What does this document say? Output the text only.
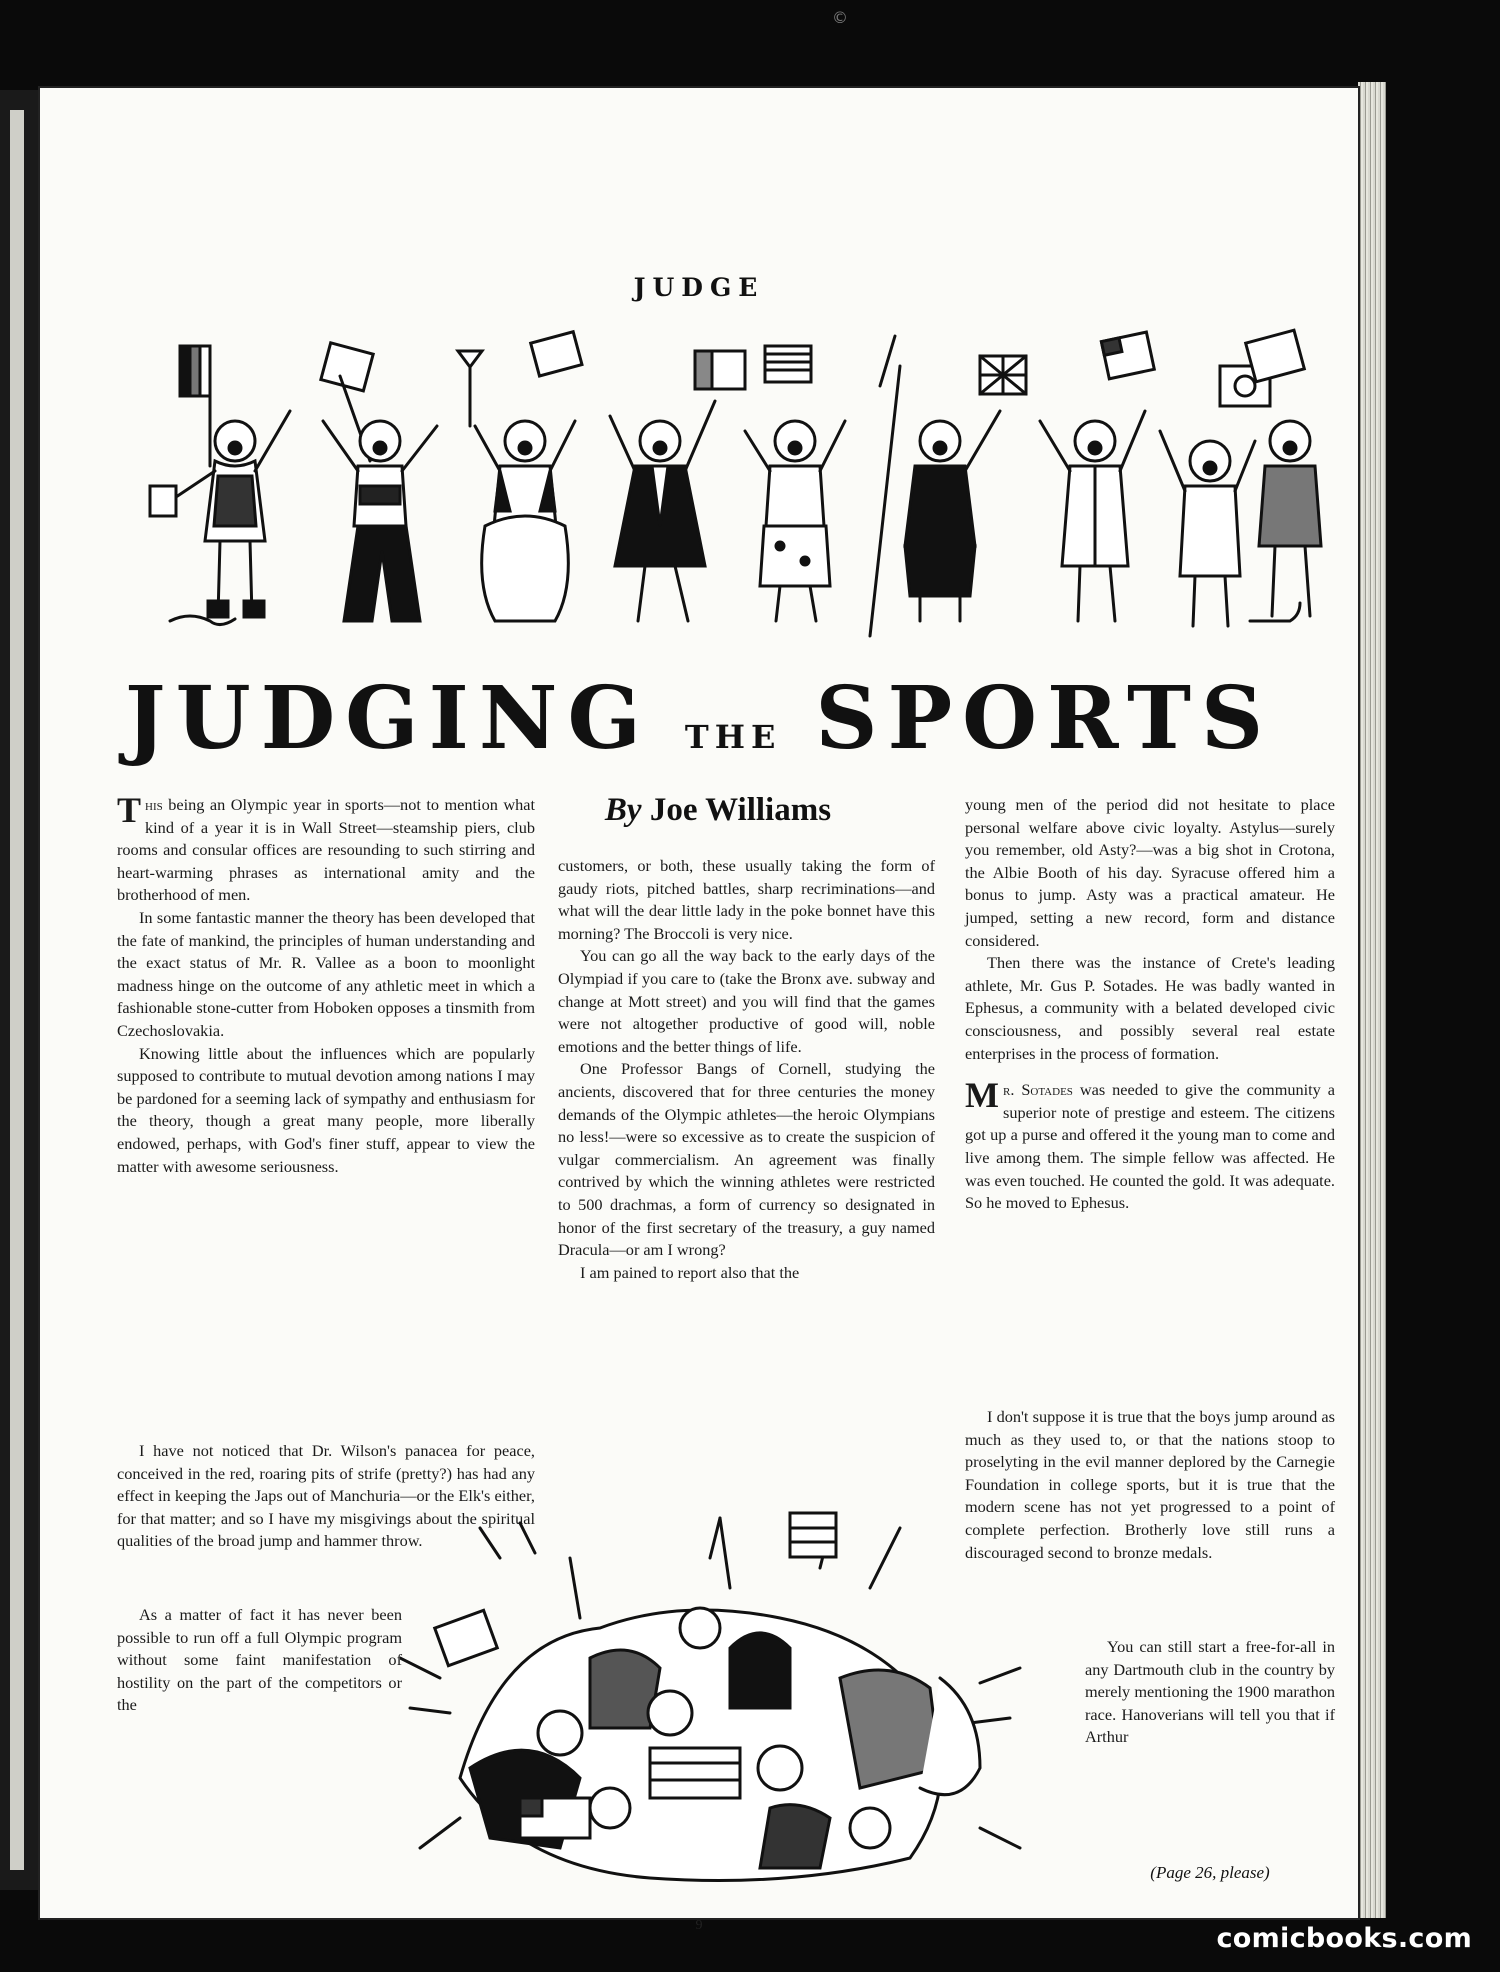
©
JUDGE
JUDGING THE SPORTS
By Joe Williams

This being an Olympic year in sports—not to mention what kind of a year it is in Wall Street—steamship piers, club rooms and consular offices are resounding to such stirring and heart-warming phrases as international amity and the brotherhood of men.

In some fantastic manner the theory has been developed that the fate of mankind, the principles of human understanding and the exact status of Mr. R. Vallee as a boon to moonlight madness hinge on the outcome of any athletic meet in which a fashionable stone-cutter from Hoboken opposes a tinsmith from Czechoslovakia.

Knowing little about the influences which are popularly supposed to contribute to mutual devotion among nations I may be pardoned for a seeming lack of sympathy and enthusiasm for the theory, though a great many people, more liberally endowed, perhaps, with God's finer stuff, appear to view the matter with awesome seriousness.

I have not noticed that Dr. Wilson's panacea for peace, conceived in the red, roaring pits of strife (pretty?) has had any effect in keeping the Japs out of Manchuria—or the Elk's either, for that matter; and so I have my misgivings about the spiritual qualities of the broad jump and hammer throw.

As a matter of fact it has never been possible to run off a full Olympic program without some faint manifestation of hostility on the part of the competitors or the

customers, or both, these usually taking the form of gaudy riots, pitched battles, sharp recriminations—and what will the dear little lady in the poke bonnet have this morning? The Broccoli is very nice.

You can go all the way back to the early days of the Olympiad if you care to (take the Bronx ave. subway and change at Mott street) and you will find that the games were not altogether productive of good will, noble emotions and the better things of life.

One Professor Bangs of Cornell, studying the ancients, discovered that for three centuries the money demands of the Olympic athletes—the heroic Olympians no less!—were so excessive as to create the suspicion of vulgar commercialism. An agreement was finally contrived by which the winning athletes were restricted to 500 drachmas, a form of currency so designated in honor of the first secretary of the treasury, a guy named Dracula—or am I wrong?

I am pained to report also that the

young men of the period did not hesitate to place personal welfare above civic loyalty. Astylus—surely you remember, old Asty?—was a big shot in Crotona, the Albie Booth of his day. Syracuse offered him a bonus to jump. Asty was a practical amateur. He jumped, setting a new record, form and distance considered.

Then there was the instance of Crete's leading athlete, Mr. Gus P. Sotades. He was badly wanted in Ephesus, a community with a belated developed civic consciousness, and possibly several real estate enterprises in the process of formation.

Mr. Sotades was needed to give the community a superior note of prestige and esteem. The citizens got up a purse and offered it the young man to come and live among them. The simple fellow was affected. He was even touched. He counted the gold. It was adequate. So he moved to Ephesus.

I don't suppose it is true that the boys jump around as much as they used to, or that the nations stoop to proselyting in the evil manner deplored by the Carnegie Foundation in college sports, but it is true that the modern scene has not yet progressed to a point of complete perfection. Brotherly love still runs a discouraged second to bronze medals.

You can still start a free-for-all in any Dartmouth club in the country by merely mentioning the 1900 marathon race. Hanoverians will tell you that if Arthur

(Page 26, please)
9	comicbooks.com
